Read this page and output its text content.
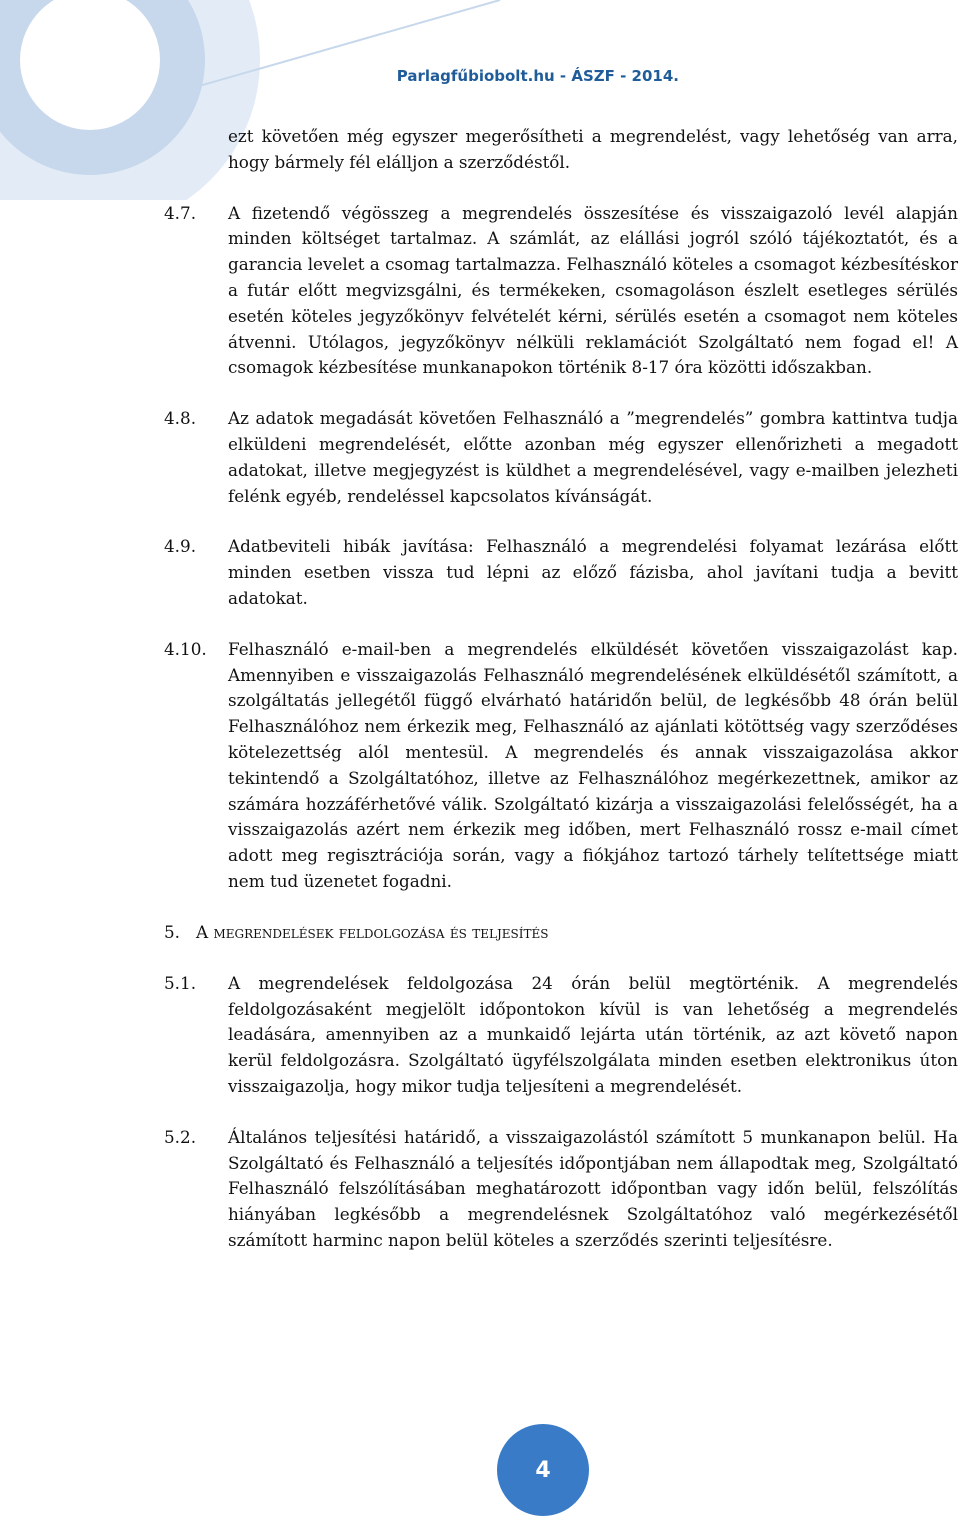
Parlagfűbiobolt.hu - ÁSZF - 2014.
ezt követően még egyszer megerősítheti a megrendelést, vagy lehetőség van arra, hogy bármely fél elálljon a szerződéstől.
4.7.	A fizetendő végösszeg a megrendelés összesítése és visszaigazoló levél alapján minden költséget tartalmaz. A számlát, az elállási jogról szóló tájékoztatót, és a garancia levelet a csomag tartalmazza. Felhasználó köteles a csomagot kézbesítéskor a futár előtt megvizsgálni, és termékeken, csomagoláson észlelt esetleges sérülés esetén köteles jegyzőkönyv felvételét kérni, sérülés esetén a csomagot nem köteles átvenni. Utólagos, jegyzőkönyv nélküli reklamációt Szolgáltató nem fogad el! A csomagok kézbesítése munkanapokon történik 8-17 óra közötti időszakban.
4.8.	Az adatok megadását követően Felhasználó a ”megrendelés” gombra kattintva tudja elküldeni megrendelését, előtte azonban még egyszer ellenőrizheti a megadott adatokat, illetve megjegyzést is küldhet a megrendelésével, vagy e-mailben jelezheti felénk egyéb, rendeléssel kapcsolatos kívánságát.
4.9.	Adatbeviteli hibák javítása: Felhasználó a megrendelési folyamat lezárása előtt minden esetben vissza tud lépni az előző fázisba, ahol javítani tudja a bevitt adatokat.
4.10.	Felhasználó e-mail-ben a megrendelés elküldését követően visszaigazolást kap. Amennyiben e visszaigazolás Felhasználó megrendelésének elküldésétől számított, a szolgáltatás jellegétől függő elvárható határidőn belül, de legkésőbb 48 órán belül Felhasználóhoz nem érkezik meg, Felhasználó az ajánlati kötöttség vagy szerződéses kötelezettség alól mentesül. A megrendelés és annak visszaigazolása akkor tekintendő a Szolgáltatóhoz, illetve az Felhasználóhoz megérkezettnek, amikor az számára hozzáférhetővé válik. Szolgáltató kizárja a visszaigazolási felelősségét, ha a visszaigazolás azért nem érkezik meg időben, mert Felhasználó rossz e-mail címet adott meg regisztrációja során, vagy a fiókjához tartozó tárhely telítettsége miatt nem tud üzenetet fogadni.
5. A megrendelések feldolgozása és teljesítés
5.1.	A megrendelések feldolgozása 24 órán belül megtörténik. A megrendelés feldolgozásaként megjelölt időpontokon kívül is van lehetőség a megrendelés leadására, amennyiben az a munkaidő lejárta után történik, az azt követő napon kerül feldolgozásra. Szolgáltató ügyfélszolgálata minden esetben elektronikus úton visszaigazolja, hogy mikor tudja teljesíteni a megrendelését.
5.2.	Általános teljesítési határidő, a visszaigazolástól számított 5 munkanapon belül. Ha Szolgáltató és Felhasználó a teljesítés időpontjában nem állapodtak meg, Szolgáltató Felhasználó felszólításában meghatározott időpontban vagy időn belül, felszólítás hiányában legkésőbb a megrendelésnek Szolgáltatóhoz való megérkezésétől számított harminc napon belül köteles a szerződés szerinti teljesítésre.
4
